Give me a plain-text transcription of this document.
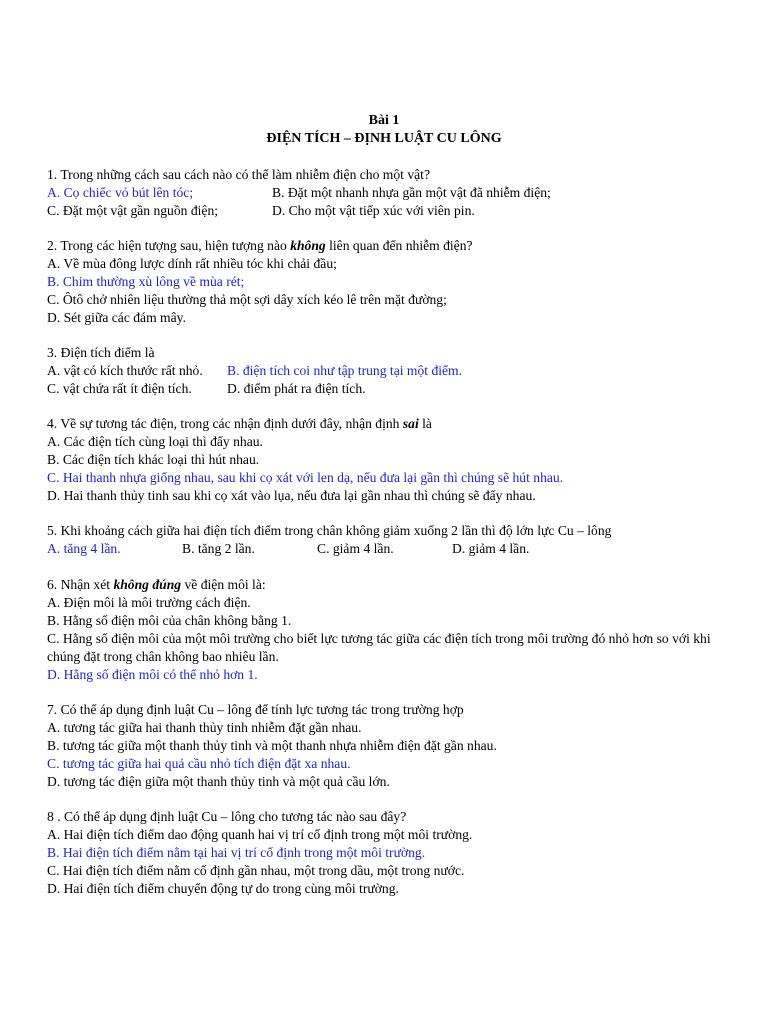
Bài 1
ĐIỆN TÍCH – ĐỊNH LUẬT CU LÔNG
1. Trong những cách sau cách nào có thể làm nhiễm điện cho một vật?
A. Cọ chiếc vỏ bút lên tóc;	B. Đặt một nhanh nhựa gần một vật đã nhiễm điện;
C. Đặt một vật gần nguồn điện;	D. Cho một vật tiếp xúc với viên pin.
2. Trong các hiện tượng sau, hiện tượng nào không liên quan đến nhiễm điện?
A. Về mùa đông lược dính rất nhiều tóc khi chải đầu;
B. Chim thường xù lông về mùa rét;
C. Ôtô chở nhiên liệu thường thả một sợi dây xích kéo lê trên mặt đường;
D. Sét giữa các đám mây.
3. Điện tích điểm là
A. vật có kích thước rất nhỏ. B. điện tích coi như tập trung tại một điểm.
C. vật chứa rất ít điện tích.	D. điểm phát ra điện tích.
4. Về sự tương tác điện, trong các nhận định dưới đây, nhận định sai là
A. Các điện tích cùng loại thì đẩy nhau.
B. Các điện tích khác loại thì hút nhau.
C. Hai thanh nhựa giống nhau, sau khi cọ xát với len dạ, nếu đưa lại gần thì chúng sẽ hút nhau.
D. Hai thanh thủy tinh sau khi cọ xát vào lụa, nếu đưa lại gần nhau thì chúng sẽ đẩy nhau.
5. Khi khoảng cách giữa hai điện tích điểm trong chân không giảm xuống 2 lần thì độ lớn lực Cu – lông
A. tăng 4 lần.	B. tăng 2 lần.	C. giảm 4 lần.	D. giảm 4 lần.
6. Nhận xét không đúng về điện môi là:
A. Điện môi là môi trường cách điện.
B. Hằng số điện môi của chân không bằng 1.
C. Hằng số điện môi của một môi trường cho biết lực tương tác giữa các điện tích trong môi trường đó nhỏ hơn so với khi chúng đặt trong chân không bao nhiêu lần.
D. Hằng số điện môi có thể nhỏ hơn 1.
7. Có thể áp dụng định luật Cu – lông để tính lực tương tác trong trường hợp
A. tương tác giữa hai thanh thủy tinh nhiễm đặt gần nhau.
B. tương tác giữa một thanh thủy tinh và một thanh nhựa nhiễm điện đặt gần nhau.
C. tương tác giữa hai quả cầu nhỏ tích điện đặt xa nhau.
D. tương tác điện giữa một thanh thủy tinh và một quả cầu lớn.
8 . Có thể áp dụng định luật Cu – lông cho tương tác nào sau đây?
A. Hai điện tích điểm dao động quanh hai vị trí cố định trong một môi trường.
B. Hai điện tích điểm nằm tại hai vị trí cố định trong một môi trường.
C. Hai điện tích điểm nằm cố định gần nhau, một trong dầu, một trong nước.
D. Hai điện tích điểm chuyển động tự do trong cùng môi trường.
